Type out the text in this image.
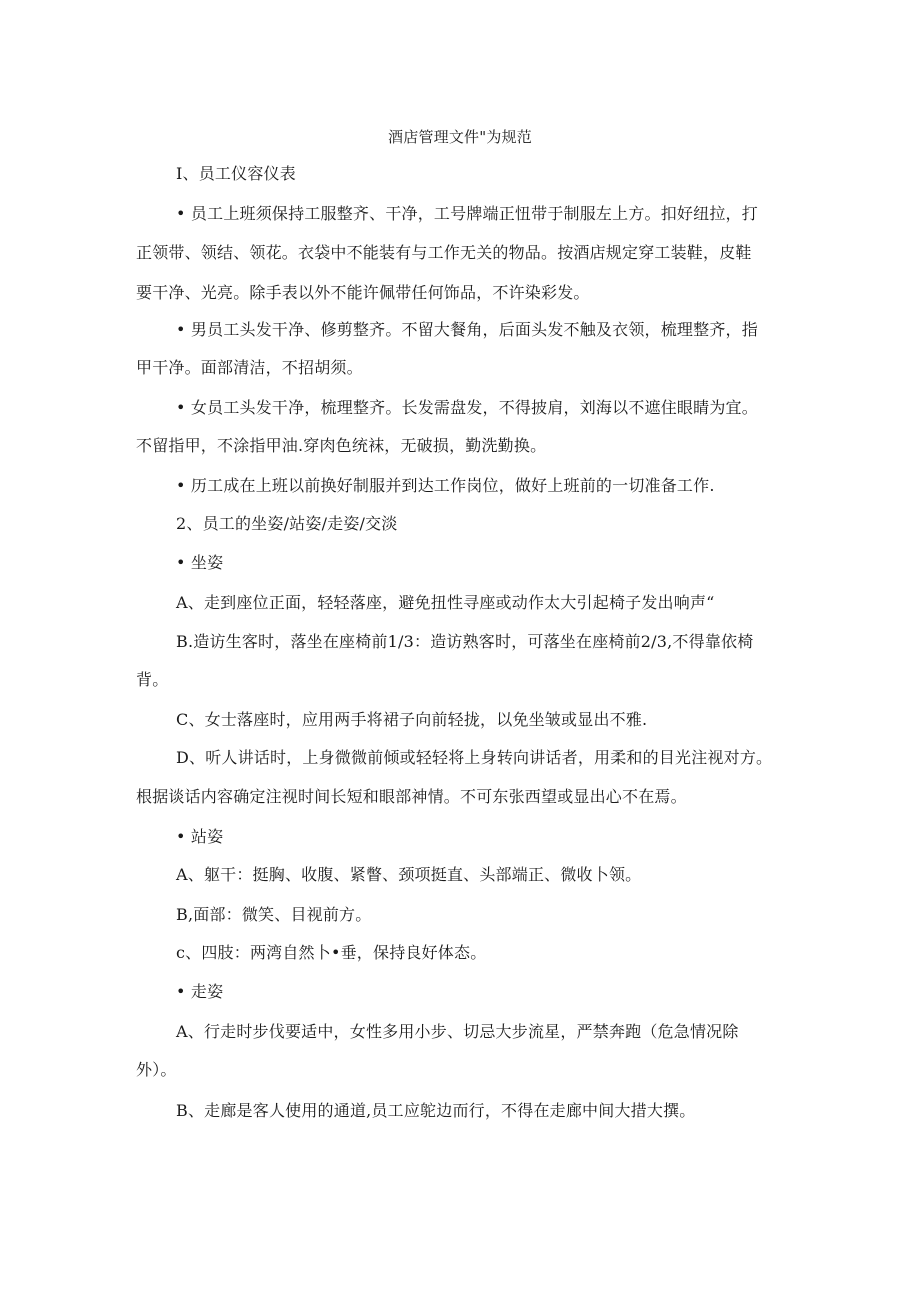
酒店管理文件"为规范
I、员工仪容仪表
• 员工上班须保持工服整齐、干净，工号牌端正忸带于制服左上方。扣好纽拉，打
正领带、领结、领花。衣袋中不能装有与工作无关的物品。按酒店规定穿工装鞋，皮鞋
要干净、光亮。除手表以外不能许佩带任何饰品，不许染彩发。
• 男员工头发干净、修剪整齐。不留大餐角，后面头发不触及衣领，梳理整齐，指
甲干净。面部清洁，不招胡须。
• 女员工头发干净，梳理整齐。长发需盘发，不得披肩，刘海以不遮住眼睛为宜。
不留指甲，不涂指甲油.穿肉色统袜，无破损，勤洗勤换。
• 历工成在上班以前换好制服并到达工作岗位，做好上班前的一切准备工作.
2、员工的坐姿/站姿/走姿/交淡
• 坐姿
A、走到座位正面，轻轻落座，避免扭性寻座或动作太大引起椅子发出响声“
B.造访生客时，落坐在座椅前1/3：造访熟客时，可落坐在座椅前2/3,不得靠依椅
背。
C、女士落座时，应用两手将裙子向前轻拢，以免坐皱或显出不雅.
D、听人讲话时，上身微微前倾或轻轻将上身转向讲话者，用柔和的目光注视对方。
根据谈话内容确定注视时间长短和眼部神情。不可东张西望或显出心不在焉。
• 站姿
A、躯干：挺胸、收腹、紧瞥、颈项挺直、头部端正、微收卜领。
B,面部：微笑、目视前方。
c、四肢：两湾自然卜•垂，保持良好体态。
• 走姿
A、行走时步伐要适中，女性多用小步、切忌大步流星，严禁奔跑（危急情况除
外）。
B、走廊是客人使用的通道,员工应鸵边而行，不得在走廊中间大措大撰。
